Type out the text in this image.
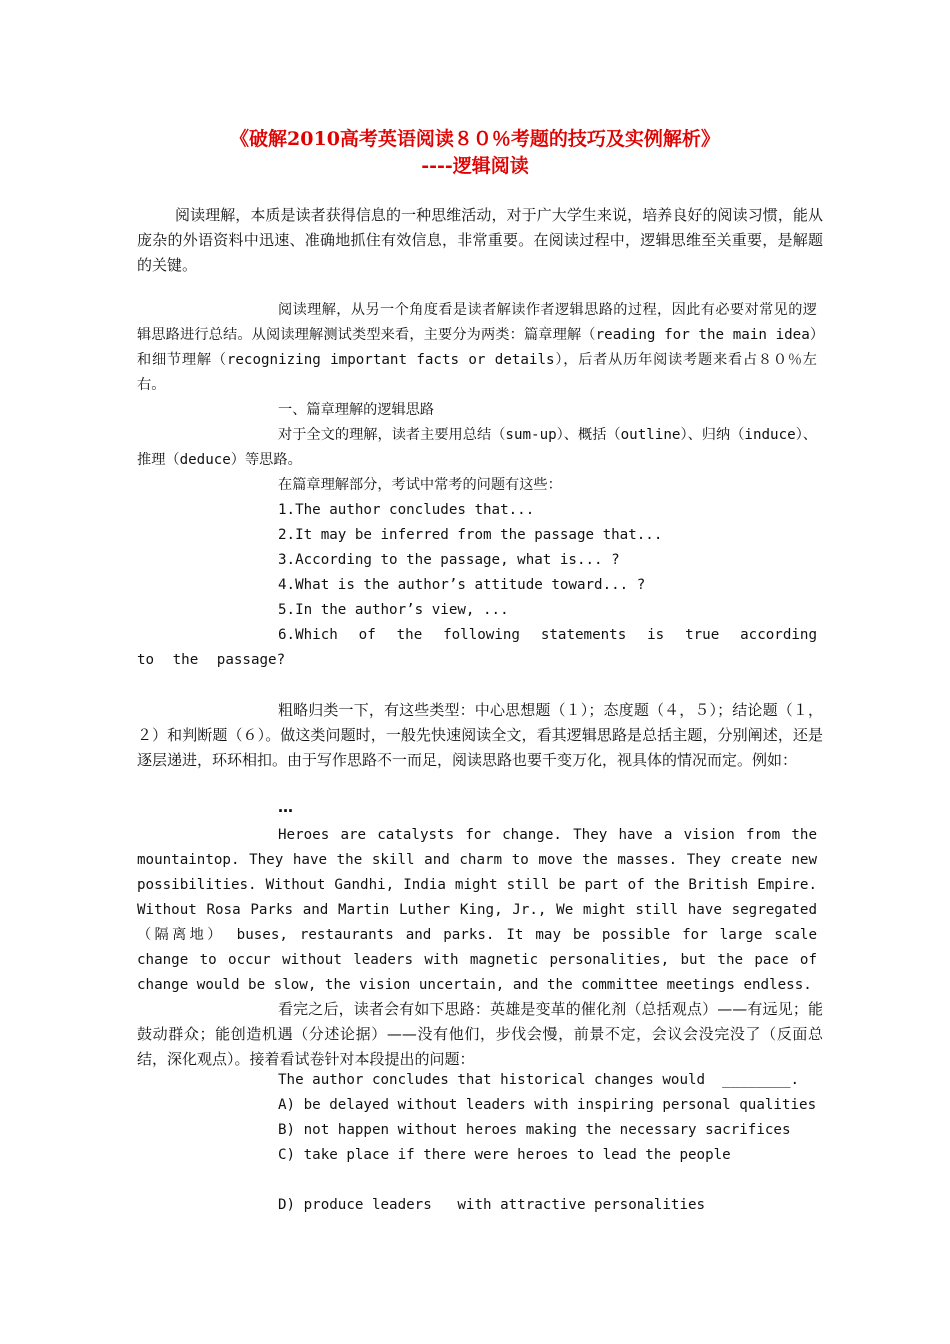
《破解2010高考英语阅读８０％考题的技巧及实例解析》
----逻辑阅读

阅读理解，本质是读者获得信息的一种思维活动，对于广大学生来说，培养良好的阅读习惯，能从庞杂的外语资料中迅速、准确地抓住有效信息，非常重要。在阅读过程中，逻辑思维至关重要，是解题的关键。

阅读理解，从另一个角度看是读者解读作者逻辑思路的过程，因此有必要对常见的逻辑思路进行总结。从阅读理解测试类型来看，主要分为两类：篇章理解（reading for the main idea）和细节理解（recognizing important facts or details），后者从历年阅读考题来看占８０％左右。
一、篇章理解的逻辑思路
对于全文的理解，读者主要用总结（sum-up）、概括（outline）、归纳（induce）、推理（deduce）等思路。
在篇章理解部分，考试中常考的问题有这些：
1.The author concludes that...
2.It may be inferred from the passage that...
3.According to the passage, what is... ?
4.What is the author’s attitude toward... ?
5.In the author’s view, ...
6.Which of the following statements is true according to the passage?
粗略归类一下，有这些类型：中心思想题（１）；态度题（４，５）；结论题（１，２）和判断题（６）。做这类问题时，一般先快速阅读全文，看其逻辑思路是总括主题，分别阐述，还是逐层递进，环环相扣。由于写作思路不一而足，阅读思路也要千变万化，视具体的情况而定。例如：
…
Heroes are catalysts for change. They have a vision from the mountaintop. They have the skill and charm to move the masses. They create new possibilities. Without Gandhi, India might still be part of the British Empire. Without Rosa Parks and Martin Luther King, Jr., We might still have segregated（隔离地） buses, restaurants and parks. It may be possible for large scale change to occur without leaders with magnetic personalities, but the pace of change would be slow, the vision uncertain, and the committee meetings endless.
看完之后，读者会有如下思路：英雄是变革的催化剂（总括观点）——有远见；能鼓动群众；能创造机遇（分述论据）——没有他们，步伐会慢，前景不定，会议会没完没了（反面总结，深化观点）。接着看试卷针对本段提出的问题：
The author concludes that historical changes would  ________.
A) be delayed without leaders with inspiring personal qualities
B) not happen without heroes making the necessary sacrifices
C) take place if there were heroes to lead the people
D) produce leaders   with attractive personalities
